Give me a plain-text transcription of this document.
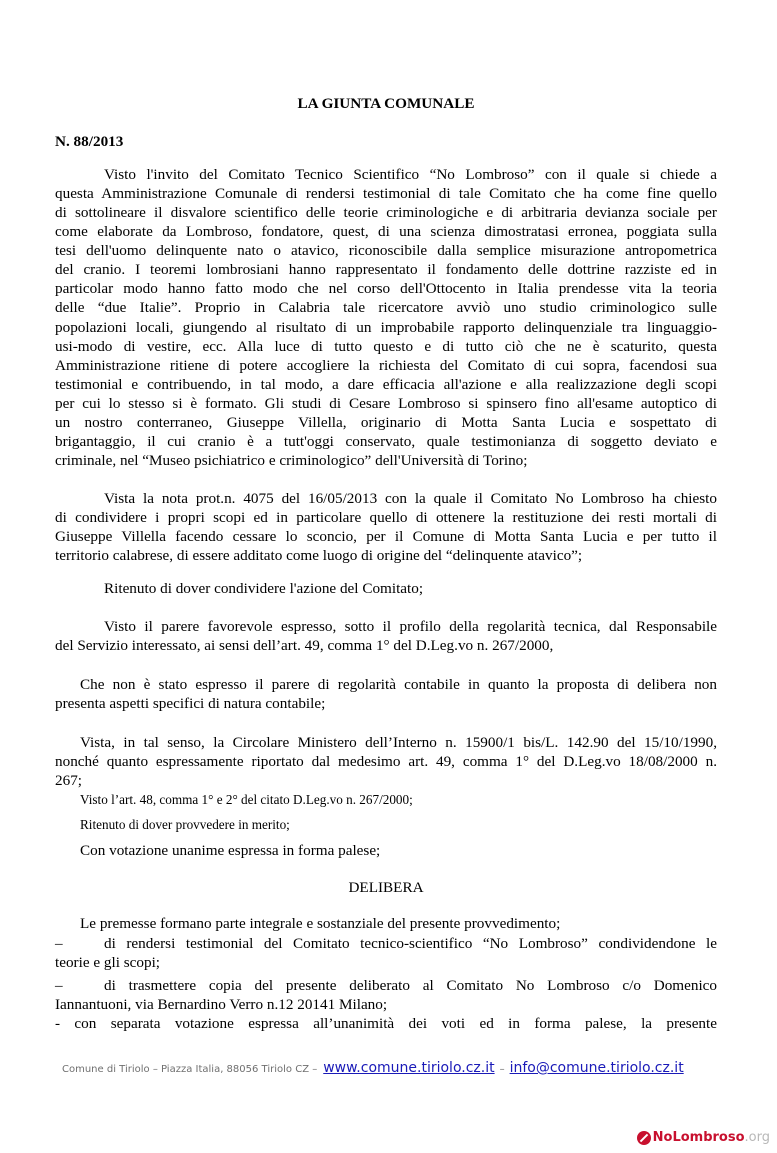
LA GIUNTA COMUNALE
N. 88/2013
Visto l'invito del Comitato Tecnico Scientifico “No Lombroso” con il quale si chiede a
questa Amministrazione Comunale di rendersi testimonial di tale Comitato che ha come fine quello
di sottolineare il disvalore scientifico delle teorie criminologiche e di arbitraria devianza sociale per
come elaborate da Lombroso, fondatore, quest, di una scienza dimostratasi erronea, poggiata sulla
tesi dell'uomo delinquente nato o atavico, riconoscibile dalla semplice misurazione antropometrica
del cranio. I teoremi lombrosiani hanno rappresentato il fondamento delle dottrine razziste ed in
particolar modo hanno fatto modo che nel corso dell'Ottocento in Italia prendesse vita la teoria
delle “due Italie”. Proprio in Calabria tale ricercatore avviò uno studio criminologico sulle
popolazioni locali, giungendo al risultato di un improbabile rapporto delinquenziale tra linguaggio-
usi-modo di vestire, ecc. Alla luce di tutto questo e di tutto ciò che ne è scaturito, questa
Amministrazione ritiene di potere accogliere la richiesta del Comitato di cui sopra, facendosi sua
testimonial e contribuendo, in tal modo, a dare efficacia all'azione e alla realizzazione degli scopi
per cui lo stesso si è formato. Gli studi di Cesare Lombroso si spinsero fino all'esame autoptico di
un nostro conterraneo, Giuseppe Villella, originario di Motta Santa Lucia e sospettato di
brigantaggio, il cui cranio è a tutt'oggi conservato, quale testimonianza di soggetto deviato e
criminale, nel “Museo psichiatrico e criminologico” dell'Università di Torino;
Vista la nota prot.n. 4075 del 16/05/2013 con la quale il Comitato No Lombroso ha chiesto
di condividere i propri scopi ed in particolare quello di ottenere la restituzione dei resti mortali di
Giuseppe Villella facendo cessare lo sconcio, per il Comune di Motta Santa Lucia e per tutto il
territorio calabrese, di essere additato come luogo di origine del “delinquente atavico”;
Ritenuto di dover condividere l'azione del Comitato;
Visto il parere favorevole espresso, sotto il profilo della regolarità tecnica, dal Responsabile
del Servizio interessato, ai sensi dell’art. 49, comma 1° del D.Leg.vo n. 267/2000,
Che non è stato espresso il parere di regolarità contabile in quanto la proposta di delibera non
presenta aspetti specifici di natura contabile;
Vista, in tal senso, la Circolare Ministero dell’Interno n. 15900/1 bis/L. 142.90 del 15/10/1990,
nonché quanto espressamente riportato dal medesimo art. 49, comma 1° del D.Leg.vo 18/08/2000 n.
267;
Visto l’art. 48, comma 1° e 2° del citato D.Leg.vo n. 267/2000;
Ritenuto di dover provvedere in merito;
Con votazione unanime espressa in forma palese;
DELIBERA
Le premesse formano parte integrale e sostanziale del presente provvedimento;
–	di rendersi testimonial del Comitato tecnico-scientifico “No Lombroso” condividendone le
teorie e gli scopi;
–	di trasmettere copia del presente deliberato al Comitato No Lombroso c/o Domenico
Iannantuoni, via Bernardino Verro n.12 20141 Milano;
- con separata votazione espressa all’unanimità dei voti ed in forma palese, la presente
Comune di Tiriolo – Piazza Italia, 88056 Tiriolo CZ – www.comune.tiriolo.cz.it – info@comune.tiriolo.cz.it
NoLombroso .org
